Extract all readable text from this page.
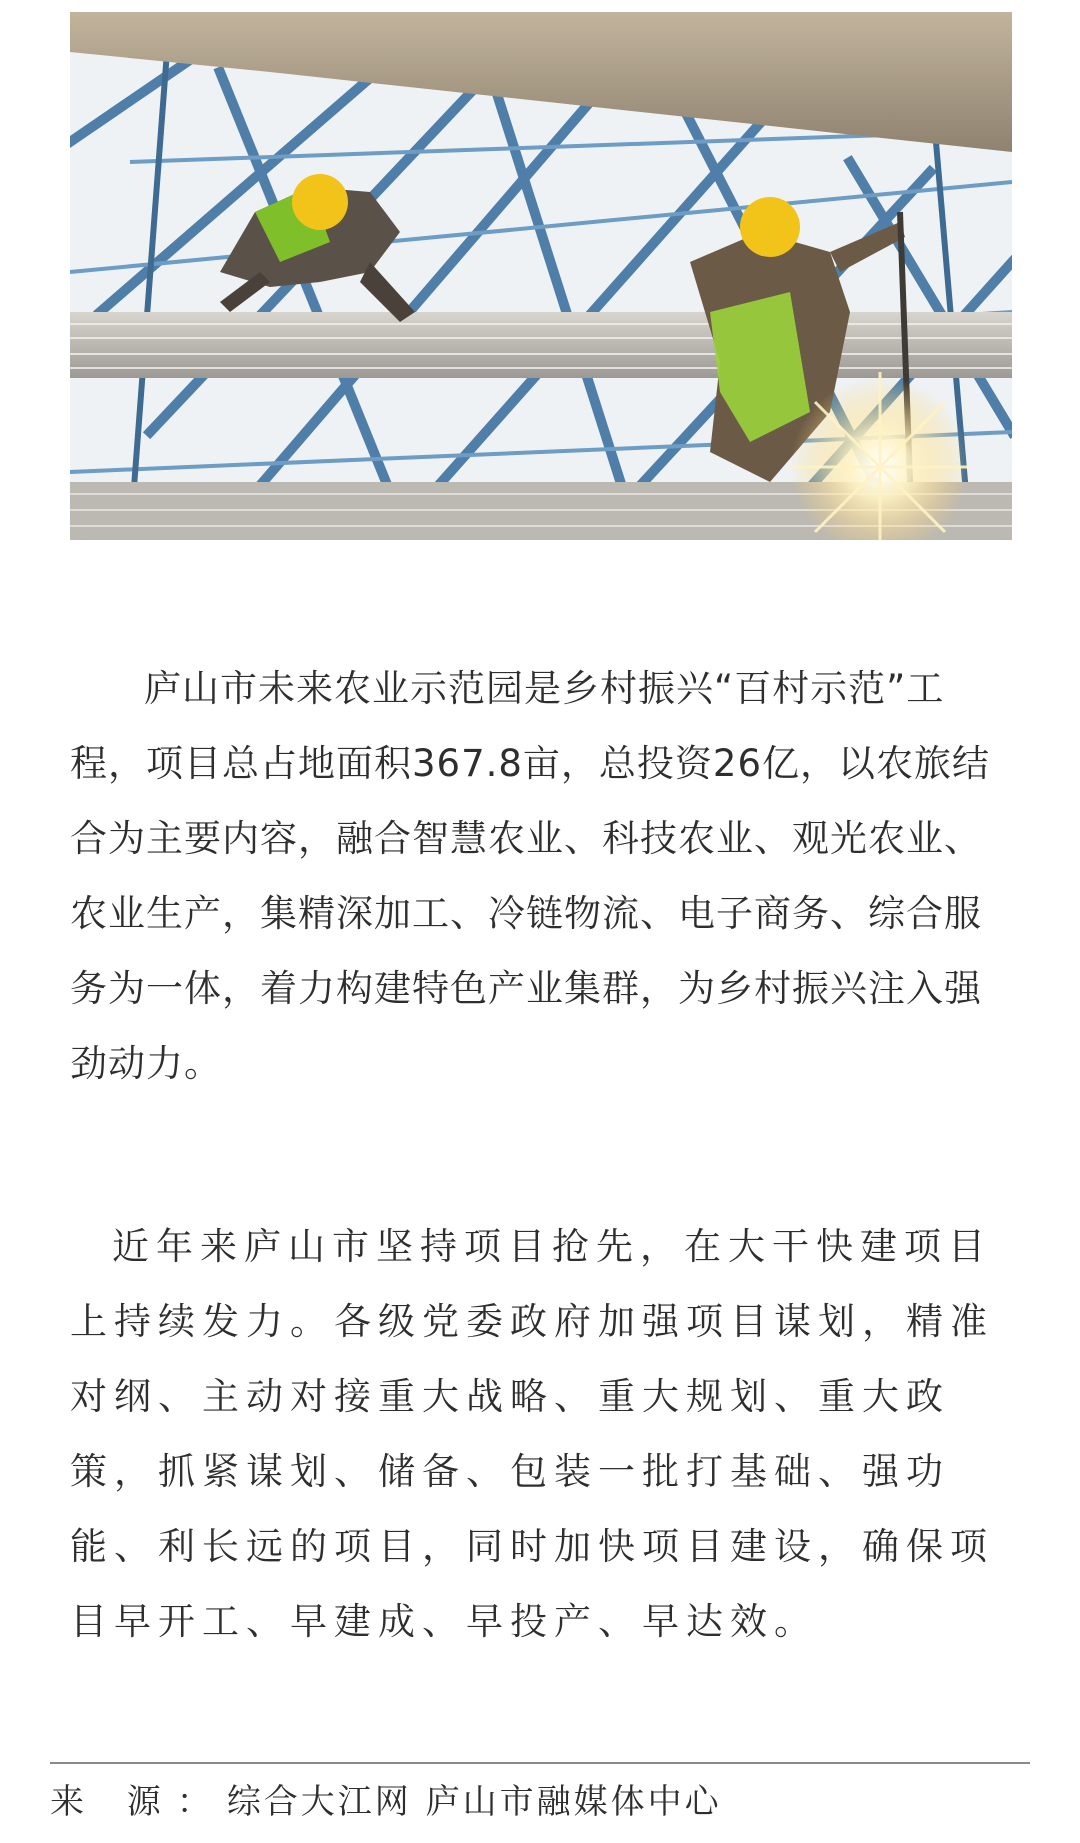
庐山市未来农业示范园是乡村振兴“百村示范”工程，项目总占地面积367.8亩，总投资26亿，以农旅结合为主要内容，融合智慧农业、科技农业、观光农业、农业生产，集精深加工、冷链物流、电子商务、综合服务为一体，着力构建特色产业集群，为乡村振兴注入强劲动力。

近年来庐山市坚持项目抢先，在大干快建项目上持续发力。各级党委政府加强项目谋划，精准对纲、主动对接重大战略、重大规划、重大政策，抓紧谋划、储备、包装一批打基础、强功能、利长远的项目，同时加快项目建设，确保项目早开工、早建成、早投产、早达效。

来 源：综合大江网 庐山市融媒体中心
